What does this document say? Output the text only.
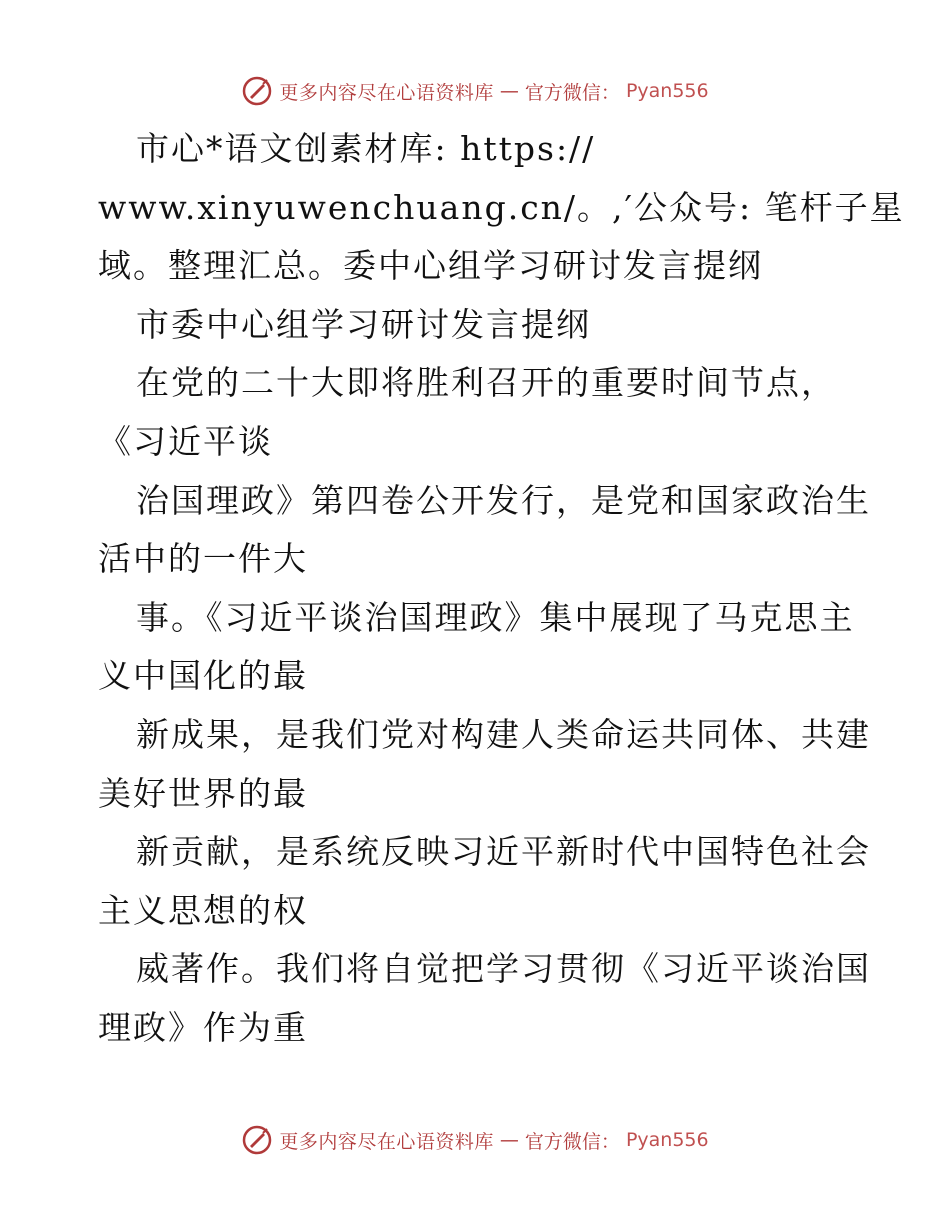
更多内容尽在心语资料库 — 官方微信： Pyan556
市心*语文创素材库: https://
www.xinyuwenchuang.cn/。,′公众号: 笔杆子星
域。整理汇总。委中心组学习研讨发言提纲
市委中心组学习研讨发言提纲
在党的二十大即将胜利召开的重要时间节点，
《习近平谈
治国理政》第四卷公开发行，是党和国家政治生
活中的一件大
事。《习近平谈治国理政》集中展现了马克思主
义中国化的最
新成果，是我们党对构建人类命运共同体、共建
美好世界的最
新贡献，是系统反映习近平新时代中国特色社会
主义思想的权
威著作。我们将自觉把学习贯彻《习近平谈治国
理政》作为重
更多内容尽在心语资料库 — 官方微信： Pyan556
